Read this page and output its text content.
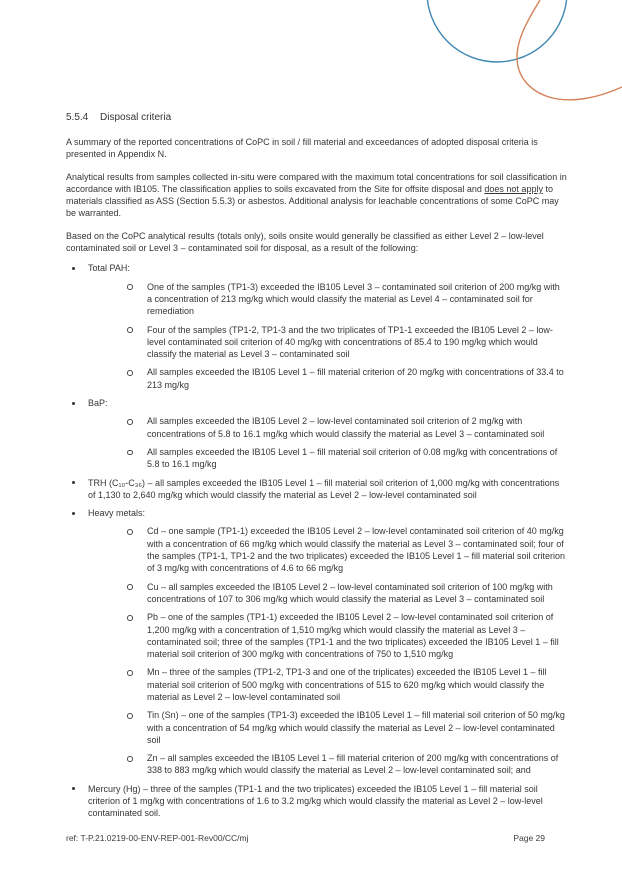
5.5.4 Disposal criteria

A summary of the reported concentrations of CoPC in soil / fill material and exceedances of adopted disposal criteria is presented in Appendix N.

Analytical results from samples collected in-situ were compared with the maximum total concentrations for soil classification in accordance with IB105. The classification applies to soils excavated from the Site for offsite disposal and does not apply to materials classified as ASS (Section 5.5.3) or asbestos. Additional analysis for leachable concentrations of some CoPC may be warranted.

Based on the CoPC analytical results (totals only), soils onsite would generally be classified as either Level 2 – low-level contaminated soil or Level 3 – contaminated soil for disposal, as a result of the following:

Total PAH:
One of the samples (TP1-3) exceeded the IB105 Level 3 – contaminated soil criterion of 200 mg/kg with a concentration of 213 mg/kg which would classify the material as Level 4 – contaminated soil for remediation
Four of the samples (TP1-2, TP1-3 and the two triplicates of TP1-1 exceeded the IB105 Level 2 – low-level contaminated soil criterion of 40 mg/kg with concentrations of 85.4 to 190 mg/kg which would classify the material as Level 3 – contaminated soil
All samples exceeded the IB105 Level 1 – fill material criterion of 20 mg/kg with concentrations of 33.4 to 213 mg/kg
BaP:
All samples exceeded the IB105 Level 2 – low-level contaminated soil criterion of 2 mg/kg with concentrations of 5.8 to 16.1 mg/kg which would classify the material as Level 3 – contaminated soil
All samples exceeded the IB105 Level 1 – fill material soil criterion of 0.08 mg/kg with concentrations of 5.8 to 16.1 mg/kg
TRH (C₁₀-C₃₆) – all samples exceeded the IB105 Level 1 – fill material soil criterion of 1,000 mg/kg with concentrations of 1,130 to 2,640 mg/kg which would classify the material as Level 2 – low-level contaminated soil
Heavy metals:
Cd – one sample (TP1-1) exceeded the IB105 Level 2 – low-level contaminated soil criterion of 40 mg/kg with a concentration of 66 mg/kg which would classify the material as Level 3 – contaminated soil; four of the samples (TP1-1, TP1-2 and the two triplicates) exceeded the IB105 Level 1 – fill material soil criterion of 3 mg/kg with concentrations of 4.6 to 66 mg/kg
Cu – all samples exceeded the IB105 Level 2 – low-level contaminated soil criterion of 100 mg/kg with concentrations of 107 to 306 mg/kg which would classify the material as Level 3 – contaminated soil
Pb – one of the samples (TP1-1) exceeded the IB105 Level 2 – low-level contaminated soil criterion of 1,200 mg/kg with a concentration of 1,510 mg/kg which would classify the material as Level 3 – contaminated soil; three of the samples (TP1-1 and the two triplicates) exceeded the IB105 Level 1 – fill material soil criterion of 300 mg/kg with concentrations of 750 to 1,510 mg/kg
Mn – three of the samples (TP1-2, TP1-3 and one of the triplicates) exceeded the IB105 Level 1 – fill material soil criterion of 500 mg/kg with concentrations of 515 to 620 mg/kg which would classify the material as Level 2 – low-level contaminated soil
Tin (Sn) – one of the samples (TP1-3) exceeded the IB105 Level 1 – fill material soil criterion of 50 mg/kg with a concentration of 54 mg/kg which would classify the material as Level 2 – low-level contaminated soil
Zn – all samples exceeded the IB105 Level 1 – fill material criterion of 200 mg/kg with concentrations of 338 to 883 mg/kg which would classify the material as Level 2 – low-level contaminated soil; and
Mercury (Hg) – three of the samples (TP1-1 and the two triplicates) exceeded the IB105 Level 1 – fill material soil criterion of 1 mg/kg with concentrations of 1.6 to 3.2 mg/kg which would classify the material as Level 2 – low-level contaminated soil.
ref: T-P.21.0219-00-ENV-REP-001-Rev00/CC/mj	Page 29
